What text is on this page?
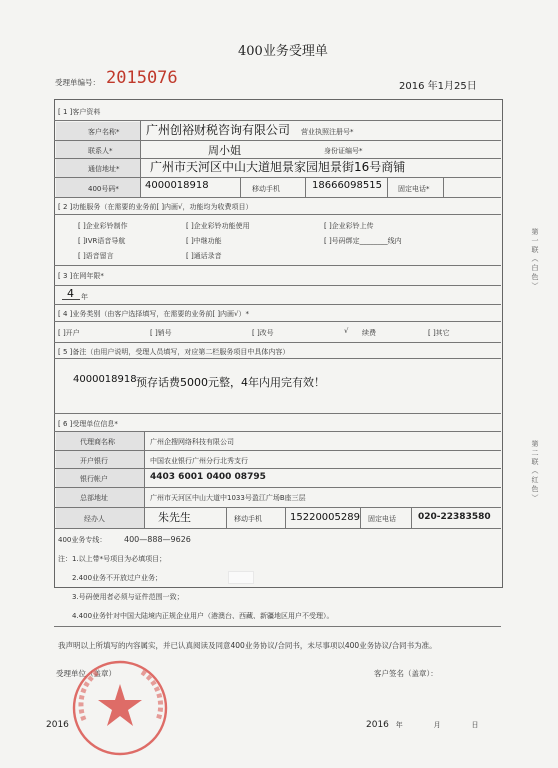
400业务受理单
受理单编号： 2015076	2016 年1月25日
[ 1 ]客户资料
客户名称* 广州创裕财税咨询有限公司 营业执照注册号*
联系人*	周小姐	身份证编号*
通信地址*	广州市天河区中山大道旭景家园旭景街16号商铺
400号码*	4000018918	移动手机	18666098515 固定电话*
[ 2 ]功能服务（在需要的业务前[ ]内画√，功能均为收费项目）
[ ]企业彩铃制作	[ ]企业彩铃功能使用	[ ]企业彩铃上传
[ ]IVR语音导航	[ ]中继功能	[ ]号码绑定________线内
[ ]语音留言	[ ]通话录音
[ 3 ]在网年限*
4 年
[ 4 ]业务类别（由客户选择填写，在需要的业务前[ ]内画√）*
[ ]开户	[ ]销号	[ ]改号	√ 续费	[ ]其它
[ 5 ]备注（由用户说明，受理人员填写，对应第二栏服务项目中具体内容）
4000018918 预存话费5000元整，4年内用完有效！
[ 6 ]受理单位信息*
代理商名称	广州企搜网络科技有限公司
开户银行	中国农业银行广州分行北秀支行
银行帐户	4403 6001 0400 08795
总部地址	广州市天河区中山大道中1033号盈江广场B座三层
经办人	朱先生	移动手机	15220005289 固定电话 020-22383580
400业务专线： 400—888—9626
注：1.以上带*号项目为必填项目；
2.400业务不开放过户业务；
3.号码使用者必须与证件范围一致；
4.400业务针对中国大陆境内正规企业用户（港澳台、西藏、新疆地区用户不受理）。
我声明以上所填写的内容属实，并已认真阅读及同意400业务协议/合同书，未尽事项以400业务协议/合同书为准。
受理单位（盖章）	客户签名（盖章）：
2016	2016 年	月	日
第一联（白色）
第二联（红色）
